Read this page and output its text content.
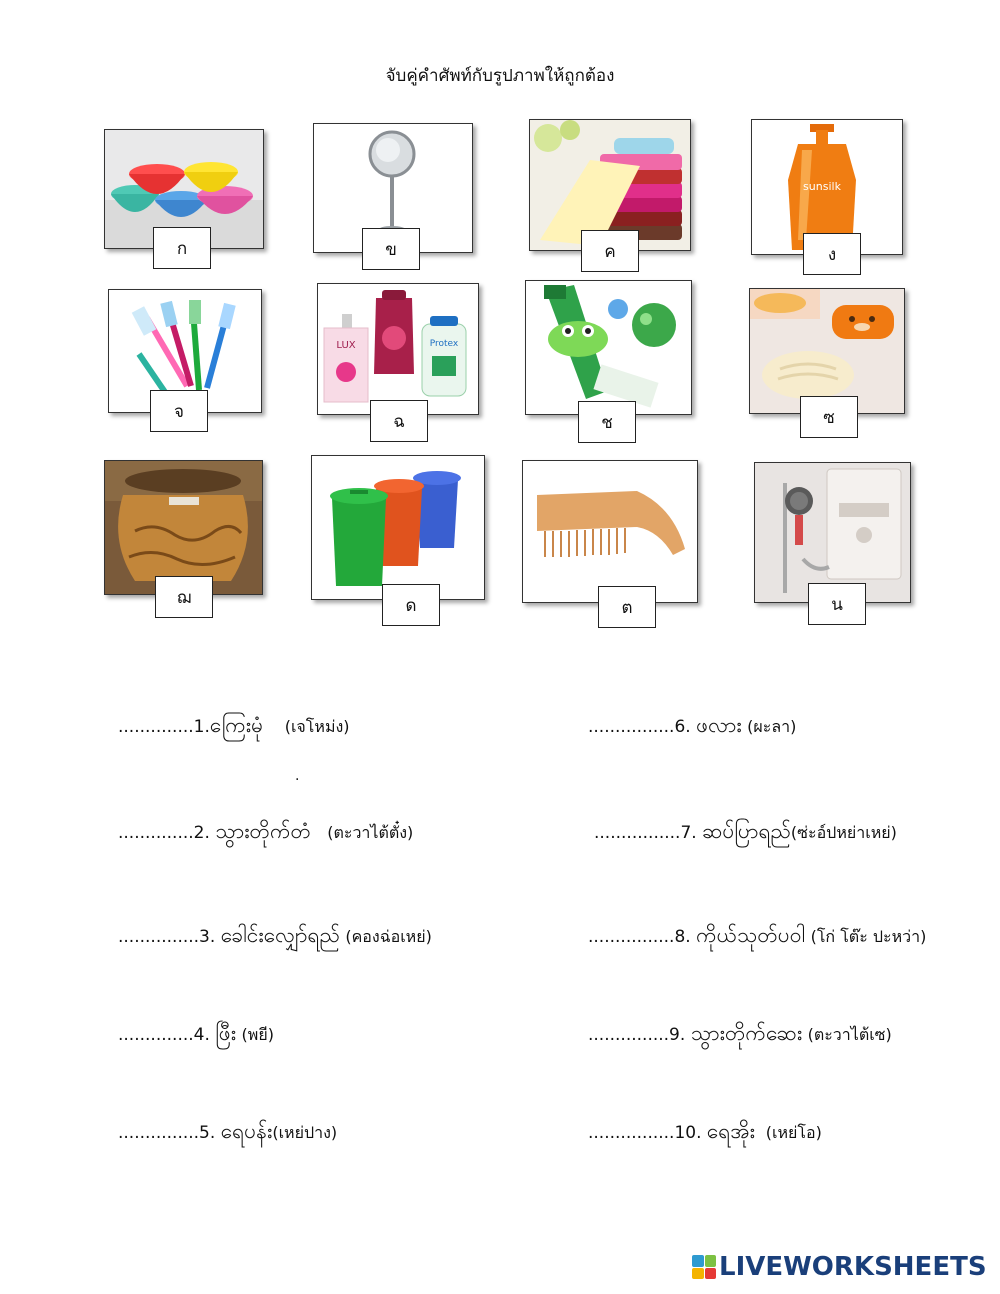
จับคู่คำศัพท์กับรูปภาพให้ถูกต้อง
ก	ข	ค
sunsilk
ง
จ
LUX	Protex
ฉ	ช	ซ
ฌ	ด	ต	น
..............1.ကြေးမုံ (เจโหม่ง)
.
..............2. သွားတိုက်တံ (ตะวาไต้ตั๋ง)
...............3. ခေါင်းလျှော်ရည် (คองฉ่อเหย่)
..............4. ဖြီး (พยี)
...............5. ရေပန်း(เหย่ปาง)
................6. ဖလား (ผะลา)
................7. ဆပ်ပြာရည်(ซ่ะอ์ปหย่าเหย่)
................8. ကိုယ်သုတ်ပဝါ (โก่ โต๊ะ ปะหว่า)
...............9. သွားတိုက်ဆေး (ตะวาไต้เซ)
................10. ရေအိုး (เหย่โอ)
LIVEWORKSHEETS
